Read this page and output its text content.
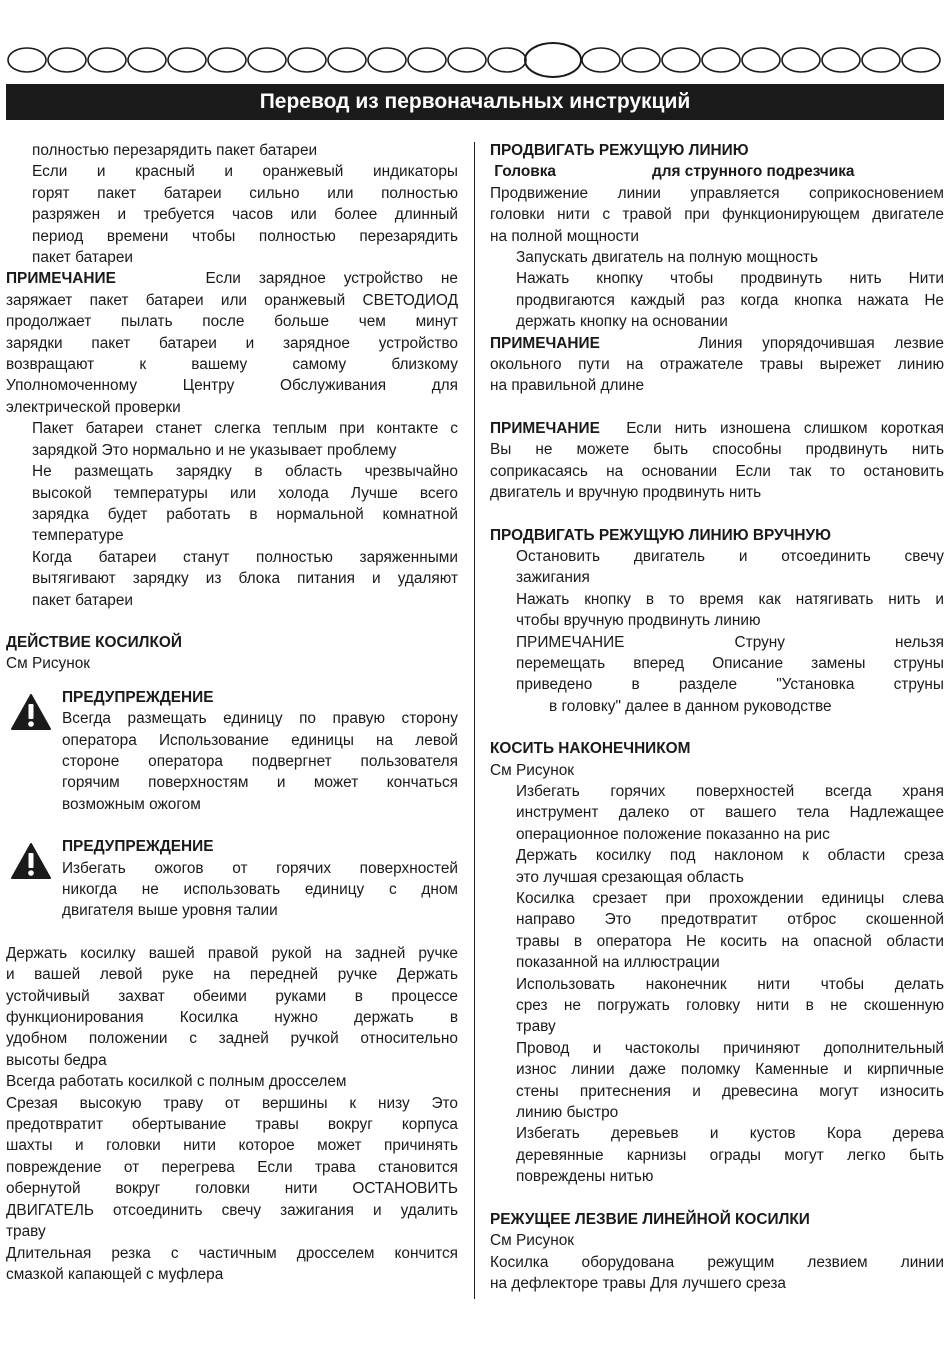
Перевод из первоначальных инструкций

полностью перезарядить пакет батареи

Если и красный и оранжевый индикаторы

горят пакет батареи сильно или полностью

разряжен и требуется часов или более длинный

период времени чтобы полностью перезарядить

пакет батареи

ПРИМЕЧАНИЕ	Если зарядное устройство не

заряжает пакет батареи или оранжевый СВЕТОДИОД

продолжает пылать после больше чем минут

зарядки пакет батареи и зарядное устройство

возвращают к вашему самому близкому

Уполномоченному Центру Обслуживания для

электрической проверки

Пакет батареи станет слегка теплым при контакте с

зарядкой Это нормально и не указывает проблему

Не размещать зарядку в область чрезвычайно

высокой температуры или холода Лучше всего

зарядка будет работать в нормальной комнатной

температуре

Когда батареи станут полностью заряженными

вытягивают зарядку из блока питания и удаляют

пакет батареи

ДЕЙСТВИЕ КОСИЛКОЙ

См Рисунок

ПРЕДУПРЕЖДЕНИЕ

Всегда размещать единицу по правую сторону

оператора Использование единицы на левой

стороне оператора подвергнет пользователя

горячим поверхностям и может кончаться

возможным ожогом

ПРЕДУПРЕЖДЕНИЕ

Избегать ожогов от горячих поверхностей

никогда не использовать единицу с дном

двигателя выше уровня талии

Держать косилку вашей правой рукой на задней ручке

и вашей левой руке на передней ручке Держать

устойчивый захват обеими руками в процессе

функционирования Косилка нужно держать в

удобном положении с задней ручкой относительно

высоты бедра

Всегда работать косилкой с полным дросселем

Срезая высокую траву от вершины к низу Это

предотвратит обертывание травы вокруг корпуса

шахты и головки нити которое может причинять

повреждение от перегрева Если трава становится

обернутой вокруг головки нити ОСТАНОВИТЬ

ДВИГАТЕЛЬ отсоединить свечу зажигания и удалить

траву

Длительная резка с частичным дросселем кончится

смазкой капающей с муфлера

ПРОДВИГАТЬ РЕЖУЩУЮ ЛИНИЮ

Головка	для струнного подрезчика

Продвижение линии управляется соприкосновением

головки нити с травой при функционирующем двигателе

на полной мощности

Запускать двигатель на полную мощность

Нажать кнопку чтобы продвинуть нить Нити

продвигаются каждый раз когда кнопка нажата Не

держать кнопку на основании

ПРИМЕЧАНИЕ	Линия упорядочившая лезвие

окольного пути на отражателе травы вырежет линию

на правильной длине

ПРИМЕЧАНИЕ Если нить изношена слишком короткая

Вы не можете быть способны продвинуть нить

соприкасаясь на основании Если так то остановить

двигатель и вручную продвинуть нить

ПРОДВИГАТЬ РЕЖУЩУЮ ЛИНИЮ ВРУЧНУЮ

Остановить двигатель и отсоединить свечу

зажигания

Нажать кнопку в то время как натягивать нить и

чтобы вручную продвинуть линию

ПРИМЕЧАНИЕ Струну нельзя

перемещать вперед Описание замены струны

приведено в разделе "Установка струны

в головку" далее в данном руководстве

КОСИТЬ НАКОНЕЧНИКОМ

См Рисунок

Избегать горячих поверхностей всегда храня

инструмент далеко от вашего тела Надлежащее

операционное положение показанно на рис

Держать косилку под наклоном к области среза

это лучшая срезающая область

Косилка срезает при прохождении единицы слева

направо Это предотвратит отброс скошенной

травы в оператора Не косить на опасной области

показанной на иллюстрации

Использовать наконечник нити чтобы делать

срез не погружать головку нити в не скошенную

траву

Провод и частоколы причиняют дополнительный

износ линии даже поломку Каменные и кирпичные

стены притеснения и древесина могут износить

линию быстро

Избегать деревьев и кустов Кора дерева

деревянные карнизы ограды могут легко быть

повреждены нитью

РЕЖУЩЕЕ ЛЕЗВИЕ ЛИНЕЙНОЙ КОСИЛКИ

См Рисунок

Косилка оборудована режущим лезвием линии

на дефлекторе травы Для лучшего среза
